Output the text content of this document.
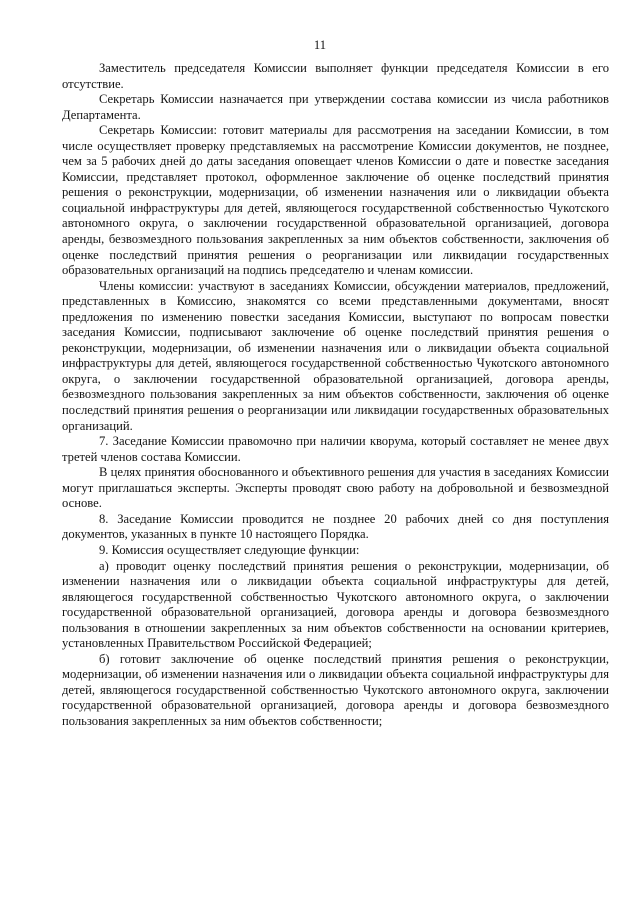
11

Заместитель председателя Комиссии выполняет функции председателя Комиссии в его отсутствие.

Секретарь Комиссии назначается при утверждении состава комиссии из числа работников Департамента.

Секретарь Комиссии: готовит материалы для рассмотрения на заседании Комиссии, в том числе осуществляет проверку представляемых на рассмотрение Комиссии документов, не позднее, чем за 5 рабочих дней до даты заседания оповещает членов Комиссии о дате и повестке заседания Комиссии, представляет протокол, оформленное заключение об оценке последствий принятия решения о реконструкции, модернизации, об изменении назначения или о ликвидации объекта социальной инфраструктуры для детей, являющегося государственной собственностью Чукотского автономного округа, о заключении государственной образовательной организацией, договора аренды, безвозмездного пользования закрепленных за ним объектов собственности, заключения об оценке последствий принятия решения о реорганизации или ликвидации государственных образовательных организаций на подпись председателю и членам комиссии.

Члены комиссии: участвуют в заседаниях Комиссии, обсуждении материалов, предложений, представленных в Комиссию, знакомятся со всеми представленными документами, вносят предложения по изменению повестки заседания Комиссии, выступают по вопросам повестки заседания Комиссии, подписывают заключение об оценке последствий принятия решения о реконструкции, модернизации, об изменении назначения или о ликвидации объекта социальной инфраструктуры для детей, являющегося государственной собственностью Чукотского автономного округа, о заключении государственной образовательной организацией, договора аренды, безвозмездного пользования закрепленных за ним объектов собственности, заключения об оценке последствий принятия решения о реорганизации или ликвидации государственных образовательных организаций.

7. Заседание Комиссии правомочно при наличии кворума, который составляет не менее двух третей членов состава Комиссии.

В целях принятия обоснованного и объективного решения для участия в заседаниях Комиссии могут приглашаться эксперты. Эксперты проводят свою работу на добровольной и безвозмездной основе.

8. Заседание Комиссии проводится не позднее 20 рабочих дней со дня поступления документов, указанных в пункте 10 настоящего Порядка.

9. Комиссия осуществляет следующие функции:

а) проводит оценку последствий принятия решения о реконструкции, модернизации, об изменении назначения или о ликвидации объекта социальной инфраструктуры для детей, являющегося государственной собственностью Чукотского автономного округа, о заключении государственной образовательной организацией, договора аренды и договора безвозмездного пользования в отношении закрепленных за ним объектов собственности на основании критериев, установленных Правительством Российской Федерацией;

б) готовит заключение об оценке последствий принятия решения о реконструкции, модернизации, об изменении назначения или о ликвидации объекта социальной инфраструктуры для детей, являющегося государственной собственностью Чукотского автономного округа, заключении государственной образовательной организацией, договора аренды и договора безвозмездного пользования закрепленных за ним объектов собственности;
